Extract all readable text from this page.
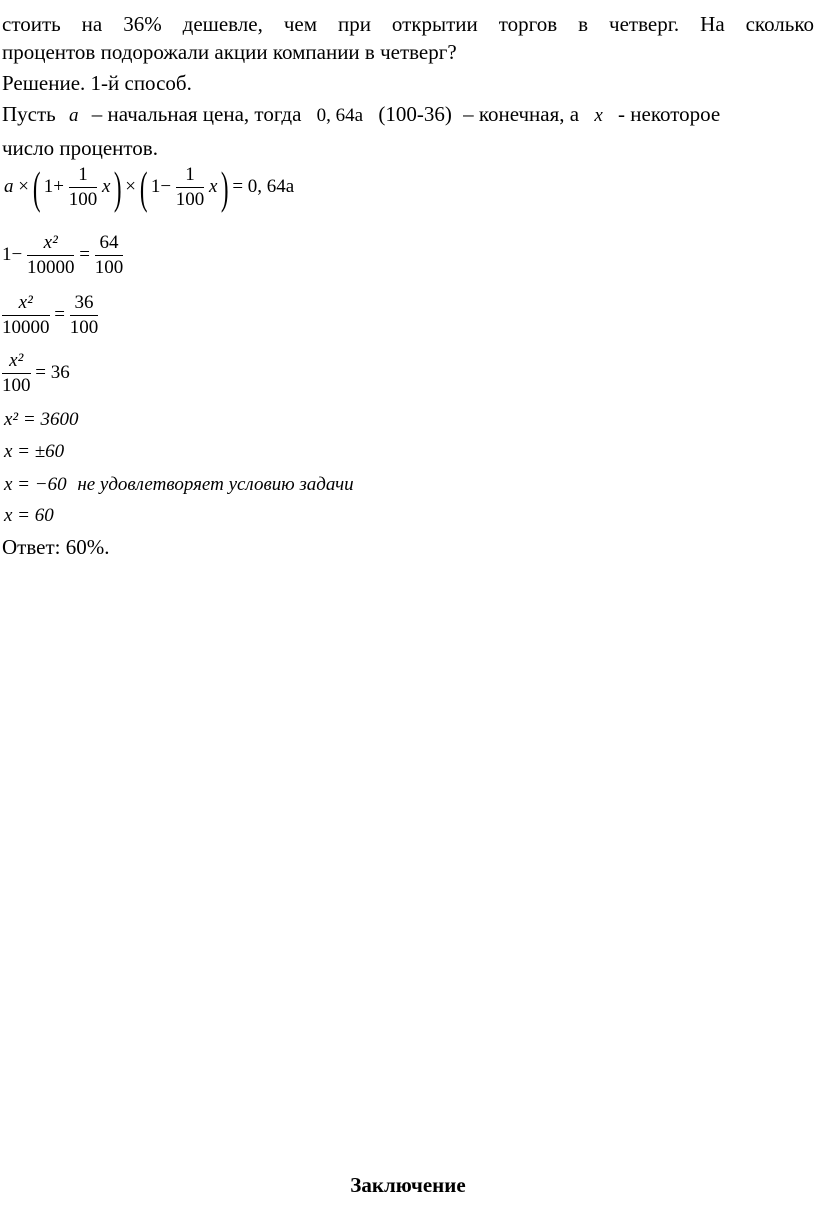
стоить на 36% дешевле, чем при открытии торгов в четверг. На сколько
процентов подорожали акции компании в четверг?
Решение. 1-й способ.
Пусть a – начальная цена, тогда 0, 64a (100-36) – конечная, а x - некоторое
число процентов.
a × ( $1+ \frac{1}{100}$ x ) × ( $1- \frac{1}{100}$ x ) = 0, 64a
$1- \frac{\text{x²}}{10000} = \frac{64}{100}$
$\frac{\text{x²}}{10000} = \frac{36}{100}$
$\frac{\text{x²}}{100} = 36$
x² = 3600
x = ±60
x = −60 не удовлетворяет условию задачи
x = 60
Ответ: 60%.
Заключение
